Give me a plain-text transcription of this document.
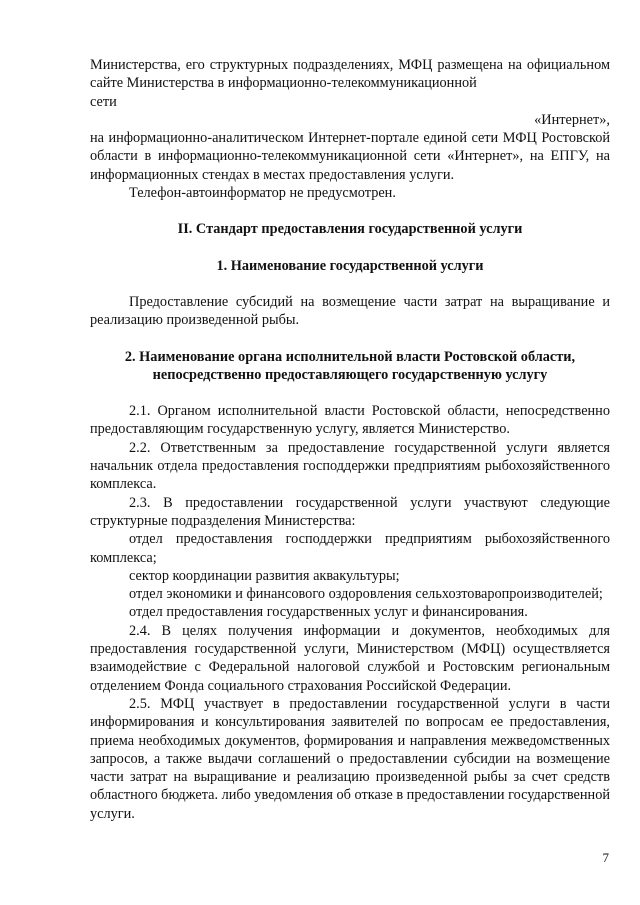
Министерства, его структурных подразделениях, МФЦ размещена на официальном сайте Министерства в информационно-телекоммуникационной

сети

«Интернет»,

на информационно-аналитическом Интернет-портале единой сети МФЦ Ростовской области в информационно-телекоммуникационной сети «Интернет», на ЕПГУ, на информационных стендах в местах предоставления услуги.

Телефон-автоинформатор не предусмотрен.

II. Стандарт предоставления государственной услуги

1. Наименование государственной услуги

Предоставление субсидий на возмещение части затрат на выращивание и реализацию произведенной рыбы.

2. Наименование органа исполнительной власти Ростовской области,

непосредственно предоставляющего государственную услугу

2.1. Органом исполнительной власти Ростовской области, непосредственно предоставляющим государственную услугу, является Министерство.

2.2. Ответственным за предоставление государственной услуги является начальник отдела предоставления господдержки предприятиям рыбохозяйственного комплекса.

2.3. В предоставлении государственной услуги участвуют следующие структурные подразделения Министерства:

отдел предоставления господдержки предприятиям рыбохозяйственного комплекса;

сектор координации развития аквакультуры;

отдел экономики и финансового оздоровления сельхозтоваропроизводителей;

отдел предоставления государственных услуг и финансирования.

2.4. В целях получения информации и документов, необходимых для предоставления государственной услуги, Министерством (МФЦ) осуществляется взаимодействие с Федеральной налоговой службой и Ростовским региональным отделением Фонда социального страхования Российской Федерации.

2.5. МФЦ участвует в предоставлении государственной услуги в части информирования и консультирования заявителей по вопросам ее предоставления, приема необходимых документов, формирования и направления межведомственных запросов, а также выдачи соглашений о предоставлении субсидии на возмещение части затрат на выращивание и реализацию произведенной рыбы за счет средств областного бюджета. либо уведомления об отказе в предоставлении государственной услуги.

7
